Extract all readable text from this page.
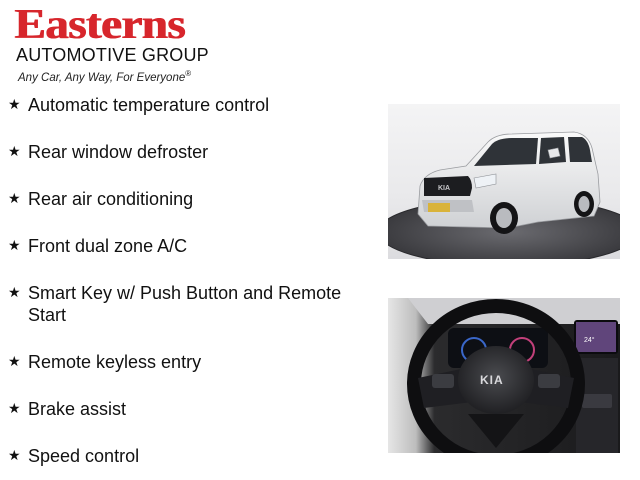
Easterns
AUTOMOTIVE GROUP
Any Car, Any Way, For Everyone®
★ Automatic temperature control
★ Rear window defroster
★ Rear air conditioning
★ Front dual zone A/C
★ Smart Key w/ Push Button and Remote Start
★ Remote keyless entry
★ Brake assist
★ Speed control
KIA
24°
KIA
